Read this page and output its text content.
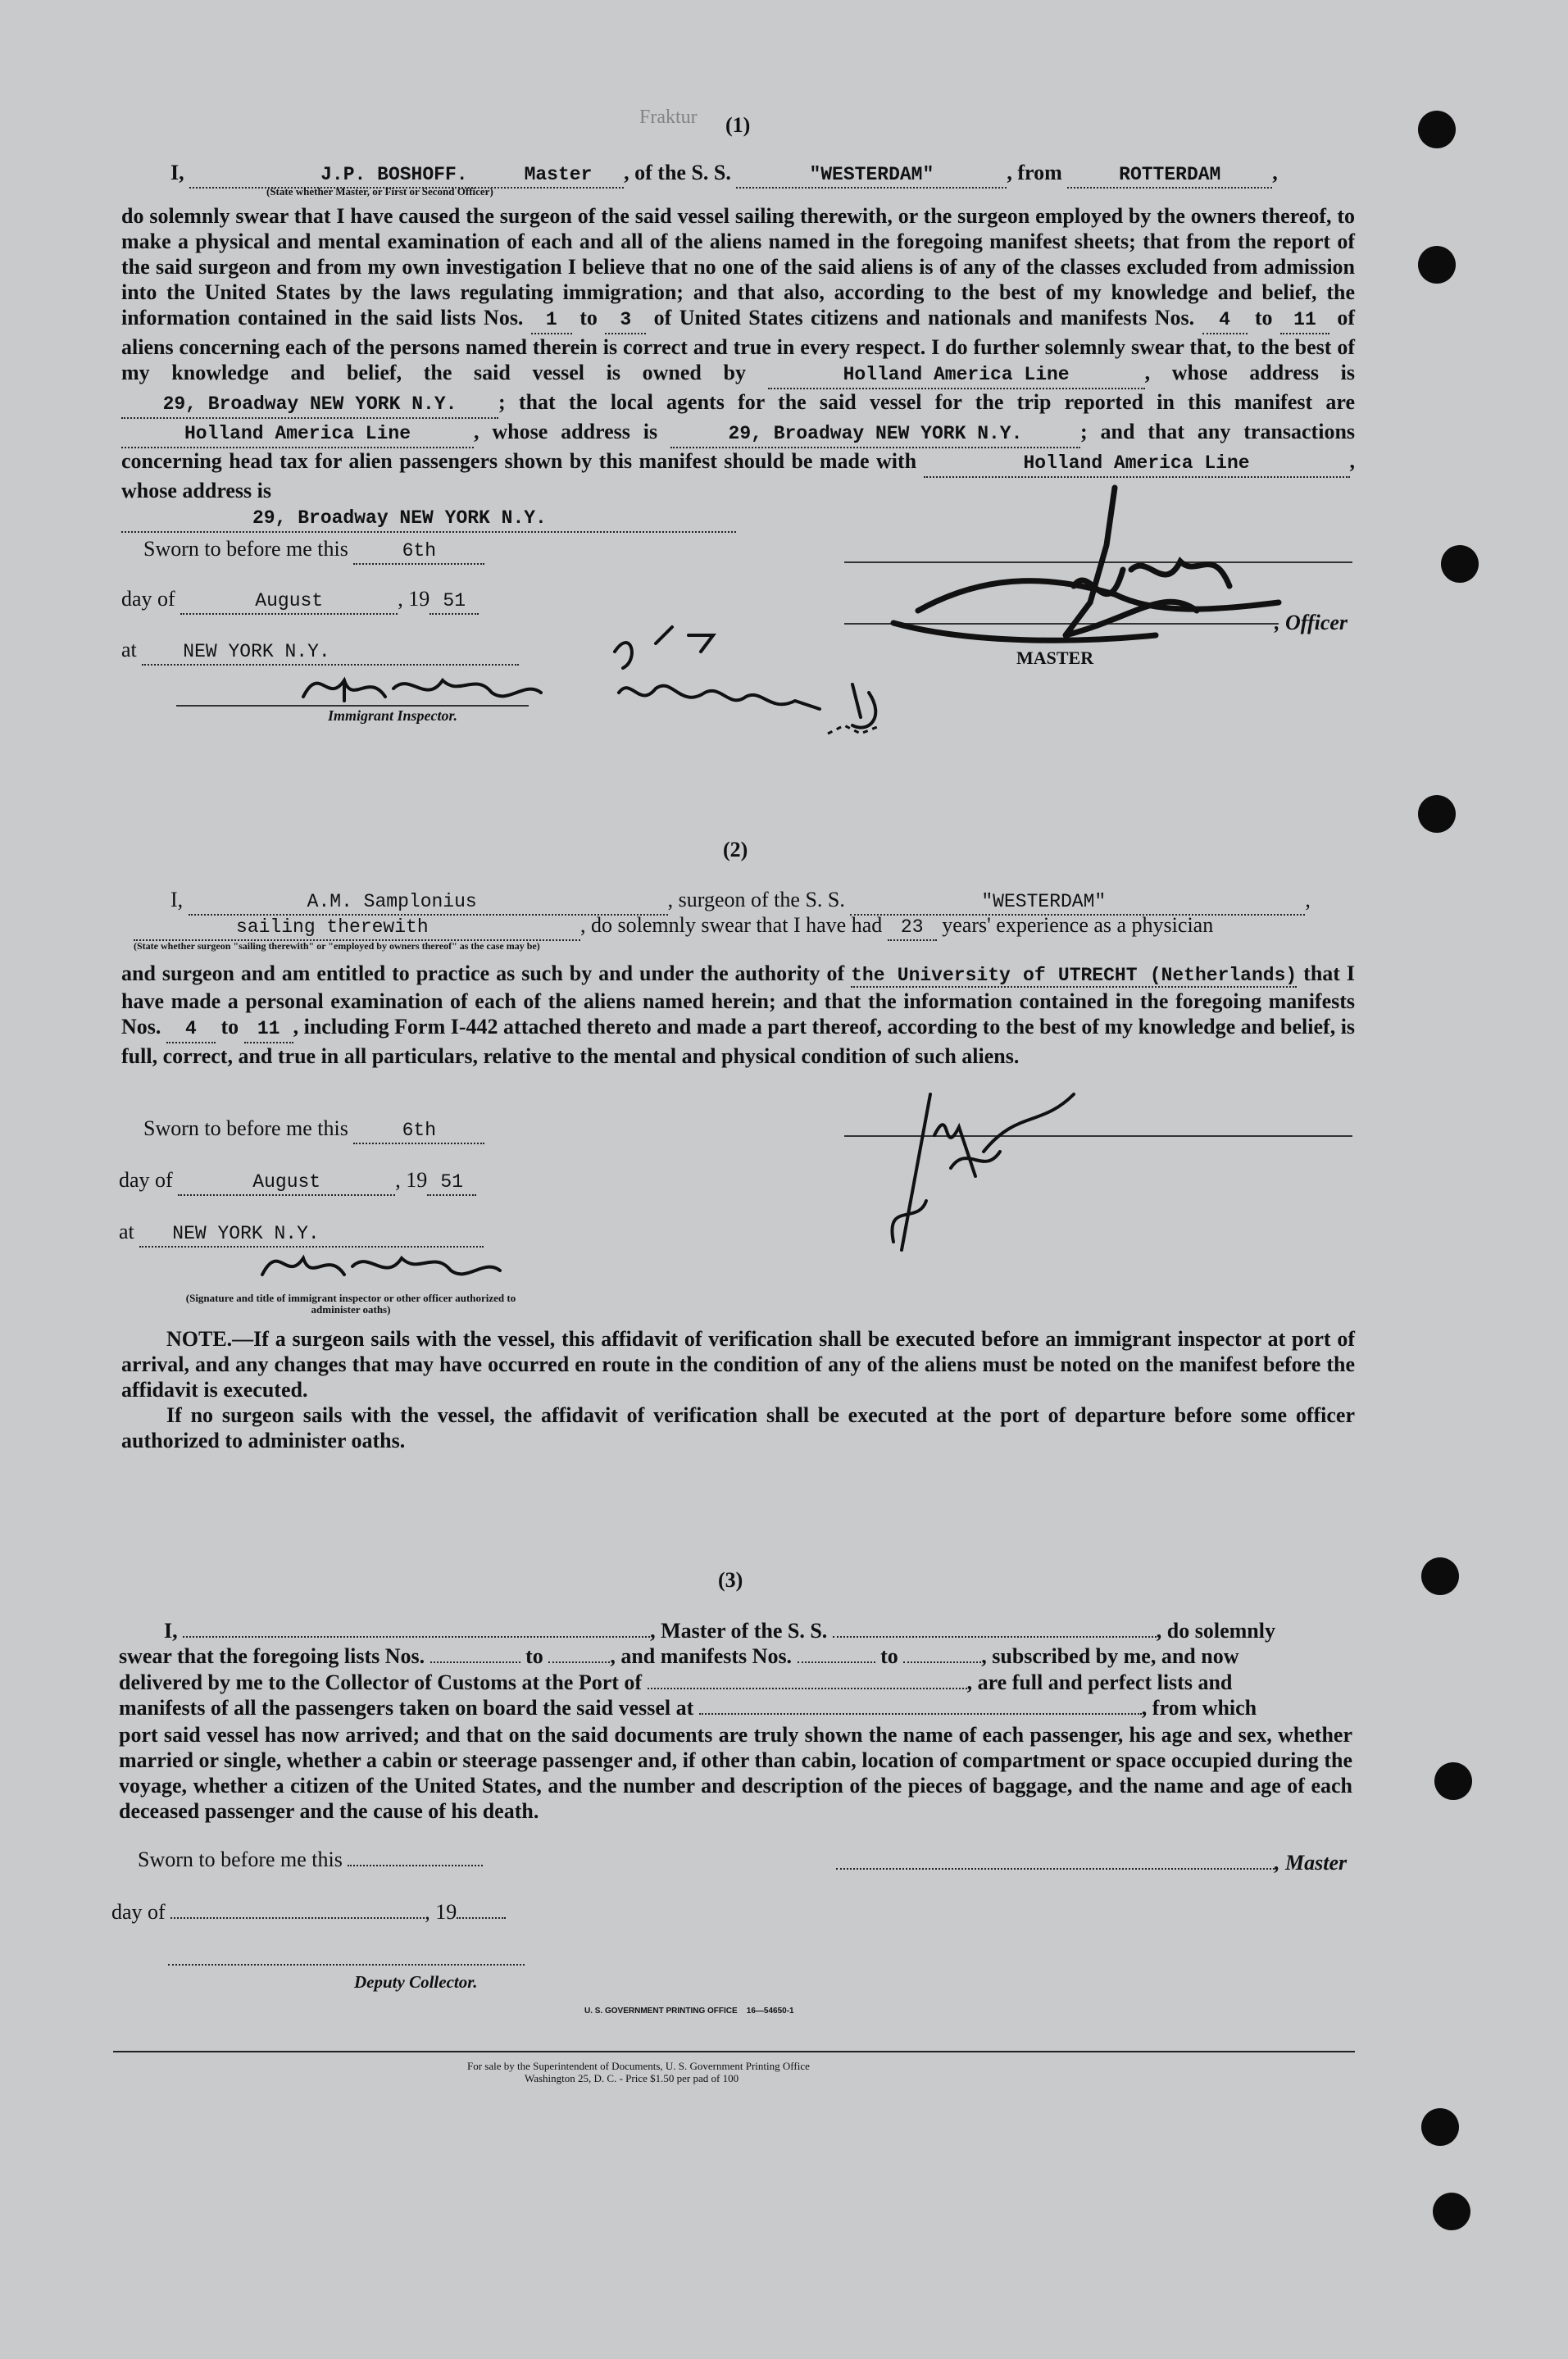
(1)
Fraktur
I,	J.P. BOSHOFF.	Master , of the S. S.	"WESTERDAM"	, from	ROTTERDAM ,
(State whether Master, or First or Second Officer)
do solemnly swear that I have caused the surgeon of the said vessel sailing therewith, or the surgeon employed by the owners thereof, to make a physical and mental examination of each and all of the aliens named in the foregoing manifest sheets; that from the report of the said surgeon and from my own investigation I believe that no one of the said aliens is of any of the classes excluded from admission into the United States by the laws regulating immigration; and that also, according to the best of my knowledge and belief, the information contained in the said lists Nos. 1 to 3 of United States citizens and nationals and manifests Nos. 4 to 11 of aliens concerning each of the persons named therein is correct and true in every respect. I do further solemnly swear that, to the best of my knowledge and belief, the said vessel is owned by	Holland America Line	, whose address is 29, Broadway NEW YORK N.Y. ; that the local agents for the said vessel for the trip reported in this manifest are Holland America Line	, whose address is	29, Broadway NEW YORK N.Y.	; and that any transactions concerning head tax for alien passengers shown by this manifest should be made with	Holland America Line	, whose address is
29, Broadway NEW YORK N.Y.
Sworn to before me this	6th
day of	August	, 19 51
at NEW YORK N.Y.
, Officer
MASTER
Immigrant Inspector.
(2)
I,	A.M. Samplonius	, surgeon of the S. S.	"WESTERDAM"	,
sailing therewith	, do solemnly swear that I have had 23 years' experience as a physician
(State whether surgeon "sailing therewith" or "employed by owners thereof" as the case may be)
and surgeon and am entitled to practice as such by and under the authority of the University of UTRECHT (Netherlands) that I have made a personal examination of each of the aliens named herein; and that the information contained in the foregoing manifests Nos. 4 to 11 , including Form I-442 attached thereto and made a part thereof, according to the best of my knowledge and belief, is full, correct, and true in all particulars, relative to the mental and physical condition of such aliens.
Sworn to before me this	6th
day of	August	, 19 51
at NEW YORK N.Y.
(Signature and title of immigrant inspector or other officer authorized to administer oaths)
NOTE.—If a surgeon sails with the vessel, this affidavit of verification shall be executed before an immigrant inspector at port of arrival, and any changes that may have occurred en route in the condition of any of the aliens must be noted on the manifest before the affidavit is executed.
If no surgeon sails with the vessel, the affidavit of verification shall be executed at the port of departure before some officer authorized to administer oaths.
(3)
I,	, Master of the S. S.	, do solemnly
swear that the foregoing lists Nos.	to	, and manifests Nos.	to	, subscribed by me, and now
delivered by me to the Collector of Customs at the Port of	, are full and perfect lists and
manifests of all the passengers taken on board the said vessel at	, from which
port said vessel has now arrived; and that on the said documents are truly shown the name of each passenger, his age and sex, whether married or single, whether a cabin or steerage passenger and, if other than cabin, location of compartment or space occupied during the voyage, whether a citizen of the United States, and the number and description of the pieces of baggage, and the name and age of each deceased passenger and the cause of his death.
Sworn to before me this	, Master
day of	, 19
Deputy Collector.
U. S. GOVERNMENT PRINTING OFFICE    16—54650-1
For sale by the Superintendent of Documents, U. S. Government Printing Office
Washington 25, D. C. - Price $1.50 per pad of 100
